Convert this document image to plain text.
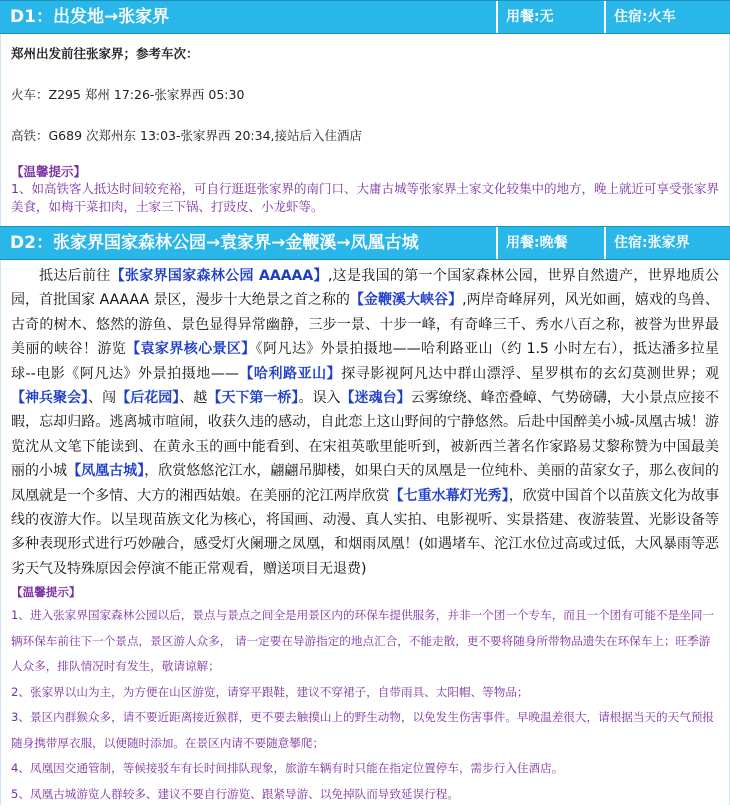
D1：出发地→张家界	用餐:无	住宿:火车

郑州出发前往张家界；参考车次：

火车：Z295 郑州 17:26-张家界西 05:30

高铁：G689 次郑州东 13:03-张家界西 20:34,接站后入住酒店

【温馨提示】

1、如高铁客人抵达时间较充裕，可自行逛逛张家界的南门口、大庸古城等张家界土家文化较集中的地方，晚上就近可享受张家界美食，如梅干菜扣肉，土家三下锅、打豉皮、小龙虾等。

D2：张家界国家森林公园→袁家界→金鞭溪→凤凰古城	用餐:晚餐	住宿:张家界

抵达后前往【张家界国家森林公园 AAAAA】,这是我国的第一个国家森林公园，世界自然遗产，世界地质公园，首批国家 AAAAA 景区，漫步十大绝景之首之称的【金鞭溪大峡谷】,两岸奇峰屏列，风光如画，嬉戏的鸟兽、古奇的树木、悠然的游鱼、景色显得异常幽静，三步一景、十步一峰，有奇峰三千、秀水八百之称，被誉为世界最美丽的峡谷！游览【袁家界核心景区】《阿凡达》外景拍摄地——哈利路亚山（约 1.5 小时左右），抵达潘多拉星球--电影《阿凡达》外景拍摄地——【哈利路亚山】探寻影视阿凡达中群山漂浮、星罗棋布的玄幻莫测世界；观【神兵聚会】、闯【后花园】、越【天下第一桥】。误入【迷魂台】云雾缭绕、峰峦叠嶂、气势磅礴，大小景点应接不暇，忘却归路。逃离城市喧闹，收获久违的感动，自此恋上这山野间的宁静悠然。后赴中国醉美小城-凤凰古城！游览沈从文笔下能读到、在黄永玉的画中能看到、在宋祖英歌里能听到，被新西兰著名作家路易艾黎称赞为中国最美丽的小城【凤凰古城】，欣赏悠悠沱江水，翩翩吊脚楼，如果白天的凤凰是一位纯朴、美丽的苗家女子，那么夜间的凤凰就是一个多情、大方的湘西姑娘。在美丽的沱江两岸欣赏【七重水幕灯光秀】，欣赏中国首个以苗族文化为故事线的夜游大作。以呈现苗族文化为核心，将国画、动漫、真人实拍、电影视听、实景搭建、夜游装置、光影设备等多种表现形式进行巧妙融合，感受灯火阑珊之凤凰，和烟雨凤凰！(如遇堵车、沱江水位过高或过低，大风暴雨等恶劣天气及特殊原因会停演不能正常观看，赠送项目无退费)

【温馨提示】

1、进入张家界国家森林公园以后，景点与景点之间全是用景区内的环保车提供服务，并非一个团一个专车，而且一个团有可能不是坐同一辆环保车前往下一个景点，景区游人众多， 请一定要在导游指定的地点汇合，不能走散，更不要将随身所带物品遗失在环保车上；旺季游人众多，排队情况时有发生，敬请谅解；

2、张家界以山为主，为方便在山区游览，请穿平跟鞋，建议不穿裙子，自带雨具、太阳帽、等物品；

3、景区内群猴众多，请不要近距离接近猴群，更不要去触摸山上的野生动物，以免发生伤害事件。早晚温差很大，请根据当天的天气预报随身携带厚衣服，以便随时添加。在景区内请不要随意攀爬；

4、凤凰因交通管制，等候接驳车有长时间排队现象，旅游车辆有时只能在指定位置停车，需步行入住酒店。

5、凤凰古城游览人群较多、建议不要自行游览、跟紧导游、以免掉队而导致延误行程。
